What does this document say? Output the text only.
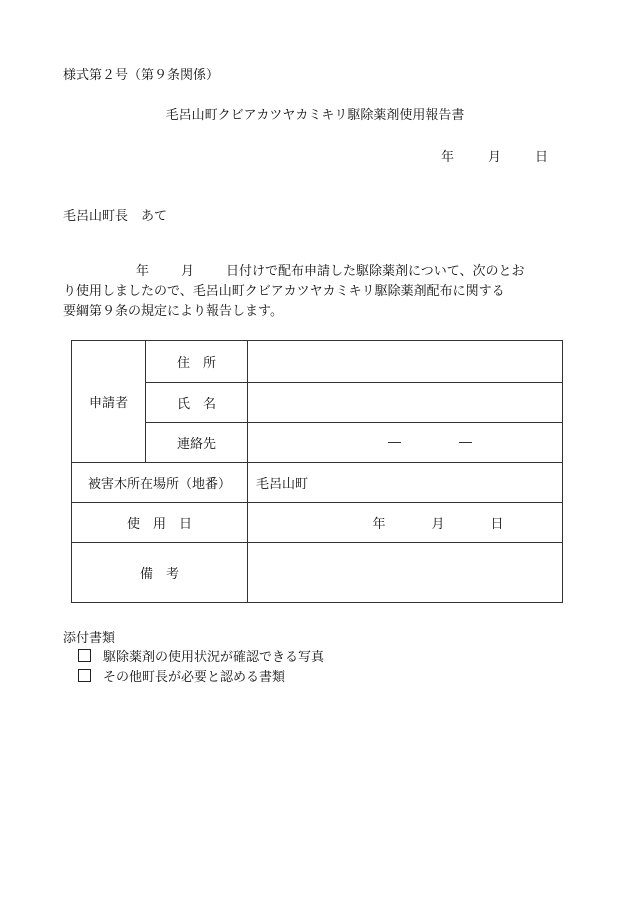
様式第２号（第９条関係）
毛呂山町クビアカツヤカミキリ駆除薬剤使用報告書
年	月	日
毛呂山町長　あて
年 月 日付けで配布申請した駆除薬剤について、次のとお
り使用しましたので、毛呂山町クビアカツヤカミキリ駆除薬剤配布に関する
要綱第９条の規定により報告します。
申請者	住　所	
	氏　名	
	連絡先	― ―
被害木所在場所（地番）		毛呂山町
使　用　日		年 月 日
備　考		
添付書類
駆除薬剤の使用状況が確認できる写真
その他町長が必要と認める書類
